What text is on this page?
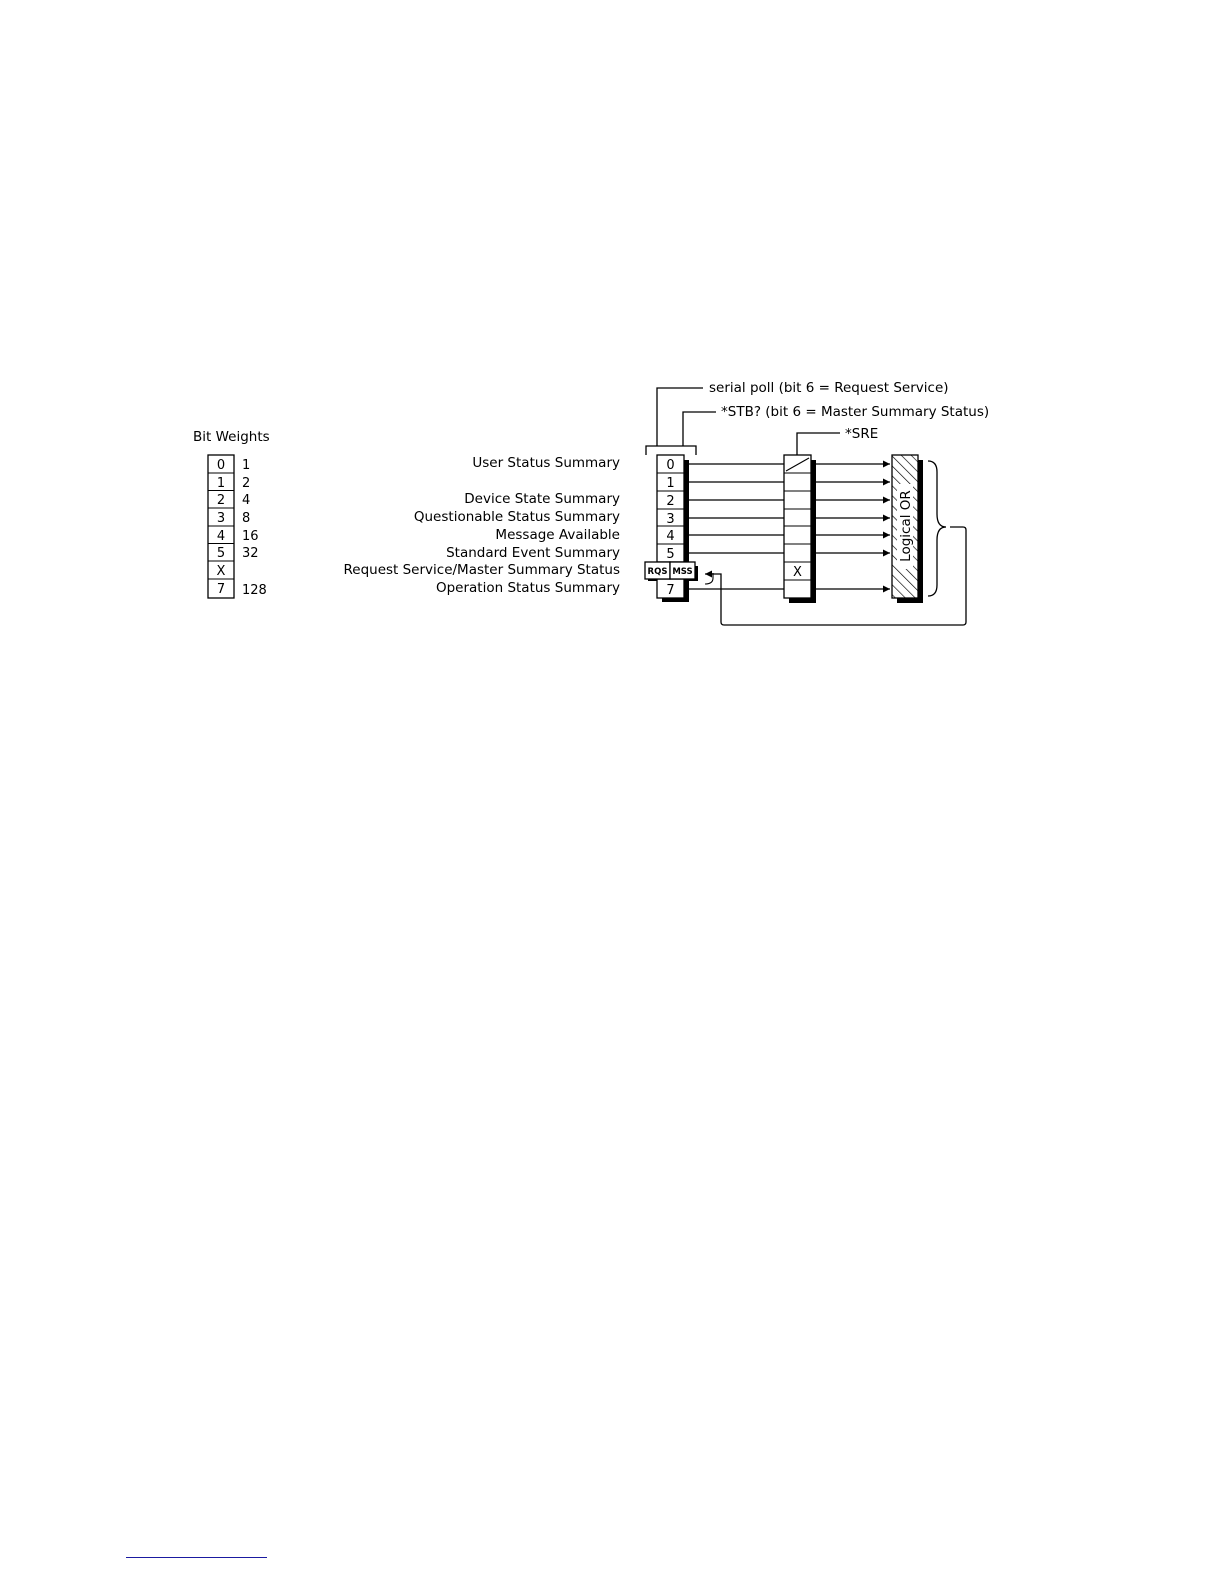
Bit Weights
0
1
2
3
4
5
X
7
1
2
4
8
16
32
128
User Status Summary
Device State Summary
Questionable Status Summary
Message Available
Standard Event Summary
Request Service/Master Summary Status
Operation Status Summary
serial poll (bit 6 = Request Service)
*STB? (bit 6 = Master Summary Status)
RQS MSS
0
1
2
3
4
5
7
*SRE
X
Logical OR
